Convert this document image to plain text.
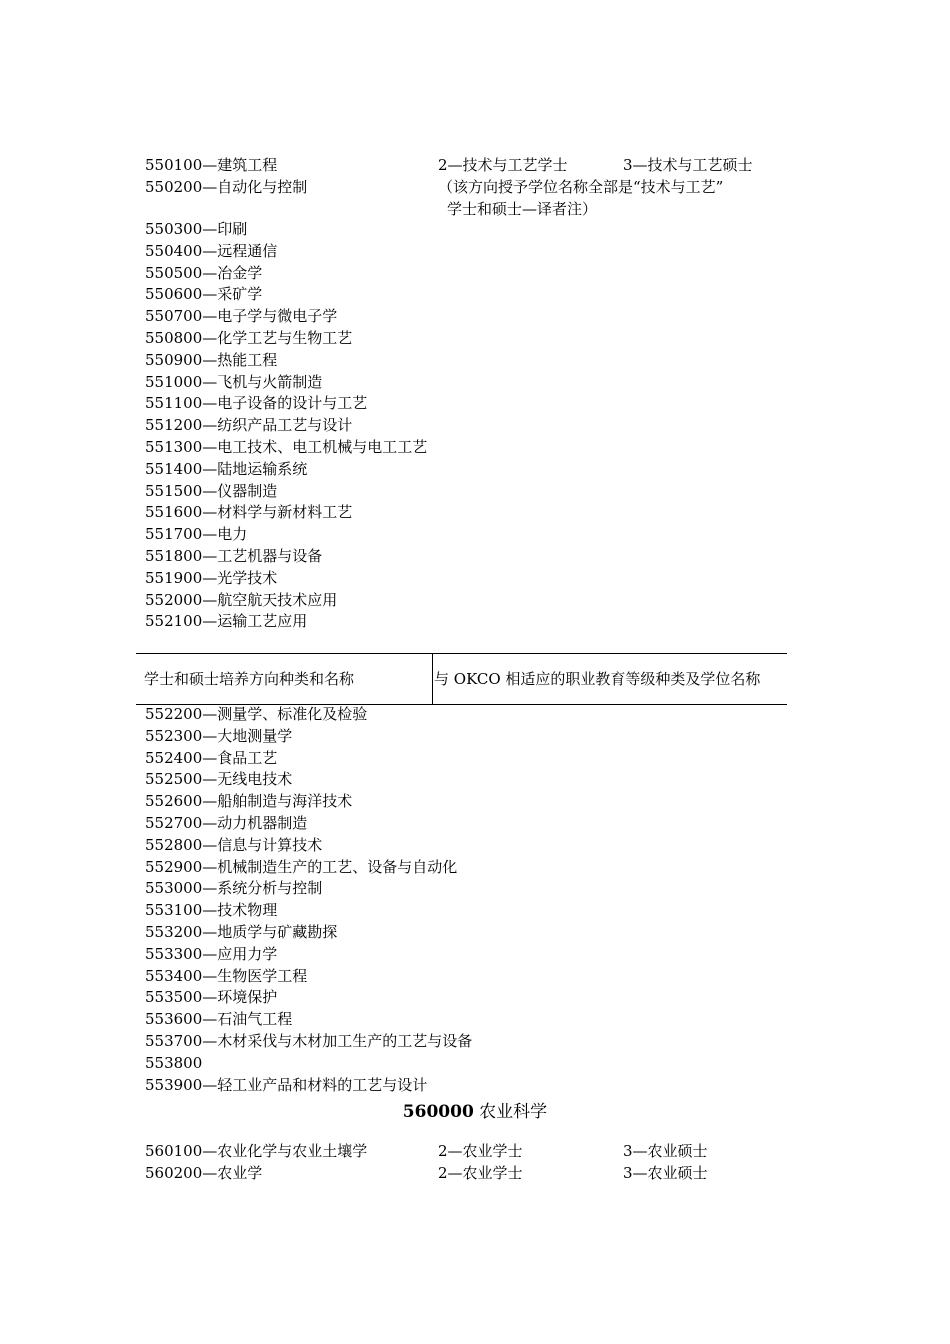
550100—建筑工程	2—技术与工艺学士	3—技术与工艺硕士
550200—自动化与控制	（该方向授予学位名称全部是“技术与工艺”
学士和硕士—译者注）
550300—印刷
550400—远程通信
550500—冶金学
550600—采矿学
550700—电子学与微电子学
550800—化学工艺与生物工艺
550900—热能工程
551000—飞机与火箭制造
551100—电子设备的设计与工艺
551200—纺织产品工艺与设计
551300—电工技术、电工机械与电工工艺
551400—陆地运输系统
551500—仪器制造
551600—材料学与新材料工艺
551700—电力
551800—工艺机器与设备
551900—光学技术
552000—航空航天技术应用
552100—运输工艺应用
学士和硕士培养方向种类和名称	与 OKCO 相适应的职业教育等级种类及学位名称
552200—测量学、标准化及检验
552300—大地测量学
552400—食品工艺
552500—无线电技术
552600—船舶制造与海洋技术
552700—动力机器制造
552800—信息与计算技术
552900—机械制造生产的工艺、设备与自动化
553000—系统分析与控制
553100—技术物理
553200—地质学与矿藏勘探
553300—应用力学
553400—生物医学工程
553500—环境保护
553600—石油气工程
553700—木材采伐与木材加工生产的工艺与设备
553800
553900—轻工业产品和材料的工艺与设计
560000 农业科学
560100—农业化学与农业土壤学	2—农业学士	3—农业硕士
560200—农业学	2—农业学士	3—农业硕士
